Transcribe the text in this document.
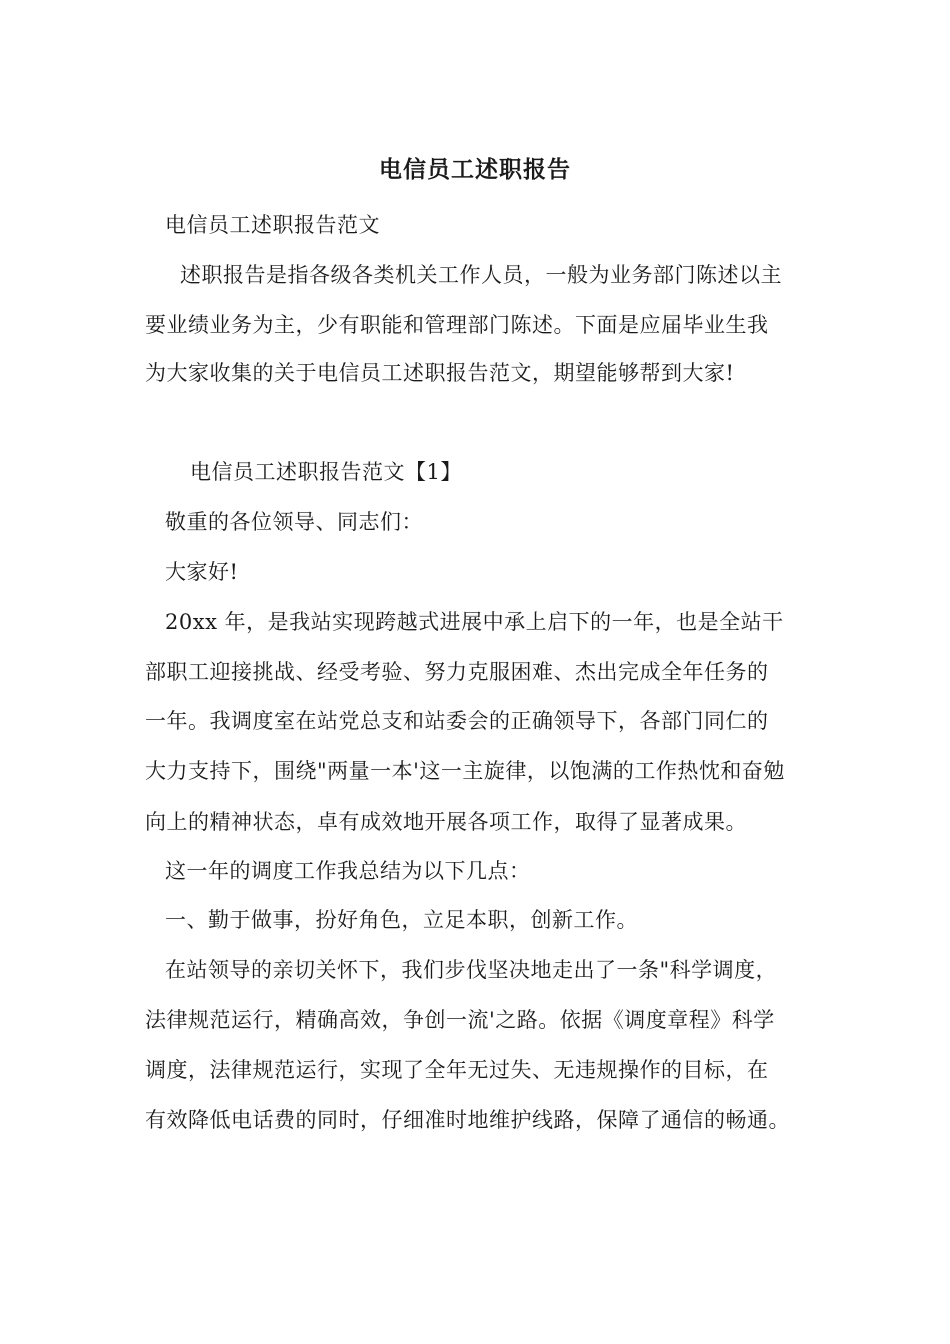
电信员工述职报告
电信员工述职报告范文
述职报告是指各级各类机关工作人员，一般为业务部门陈述以主
要业绩业务为主，少有职能和管理部门陈述。下面是应届毕业生我
为大家收集的关于电信员工述职报告范文，期望能够帮到大家!
电信员工述职报告范文【1】
敬重的各位领导、同志们：
大家好!
20xx 年，是我站实现跨越式进展中承上启下的一年，也是全站干
部职工迎接挑战、经受考验、努力克服困难、杰出完成全年任务的
一年。我调度室在站党总支和站委会的正确领导下，各部门同仁的
大力支持下，围绕"两量一本'这一主旋律，以饱满的工作热忱和奋勉
向上的精神状态，卓有成效地开展各项工作，取得了显著成果。
这一年的调度工作我总结为以下几点：
一、勤于做事，扮好角色，立足本职，创新工作。
在站领导的亲切关怀下，我们步伐坚决地走出了一条"科学调度，
法律规范运行，精确高效，争创一流'之路。依据《调度章程》科学
调度，法律规范运行，实现了全年无过失、无违规操作的目标，在
有效降低电话费的同时，仔细准时地维护线路，保障了通信的畅通。
